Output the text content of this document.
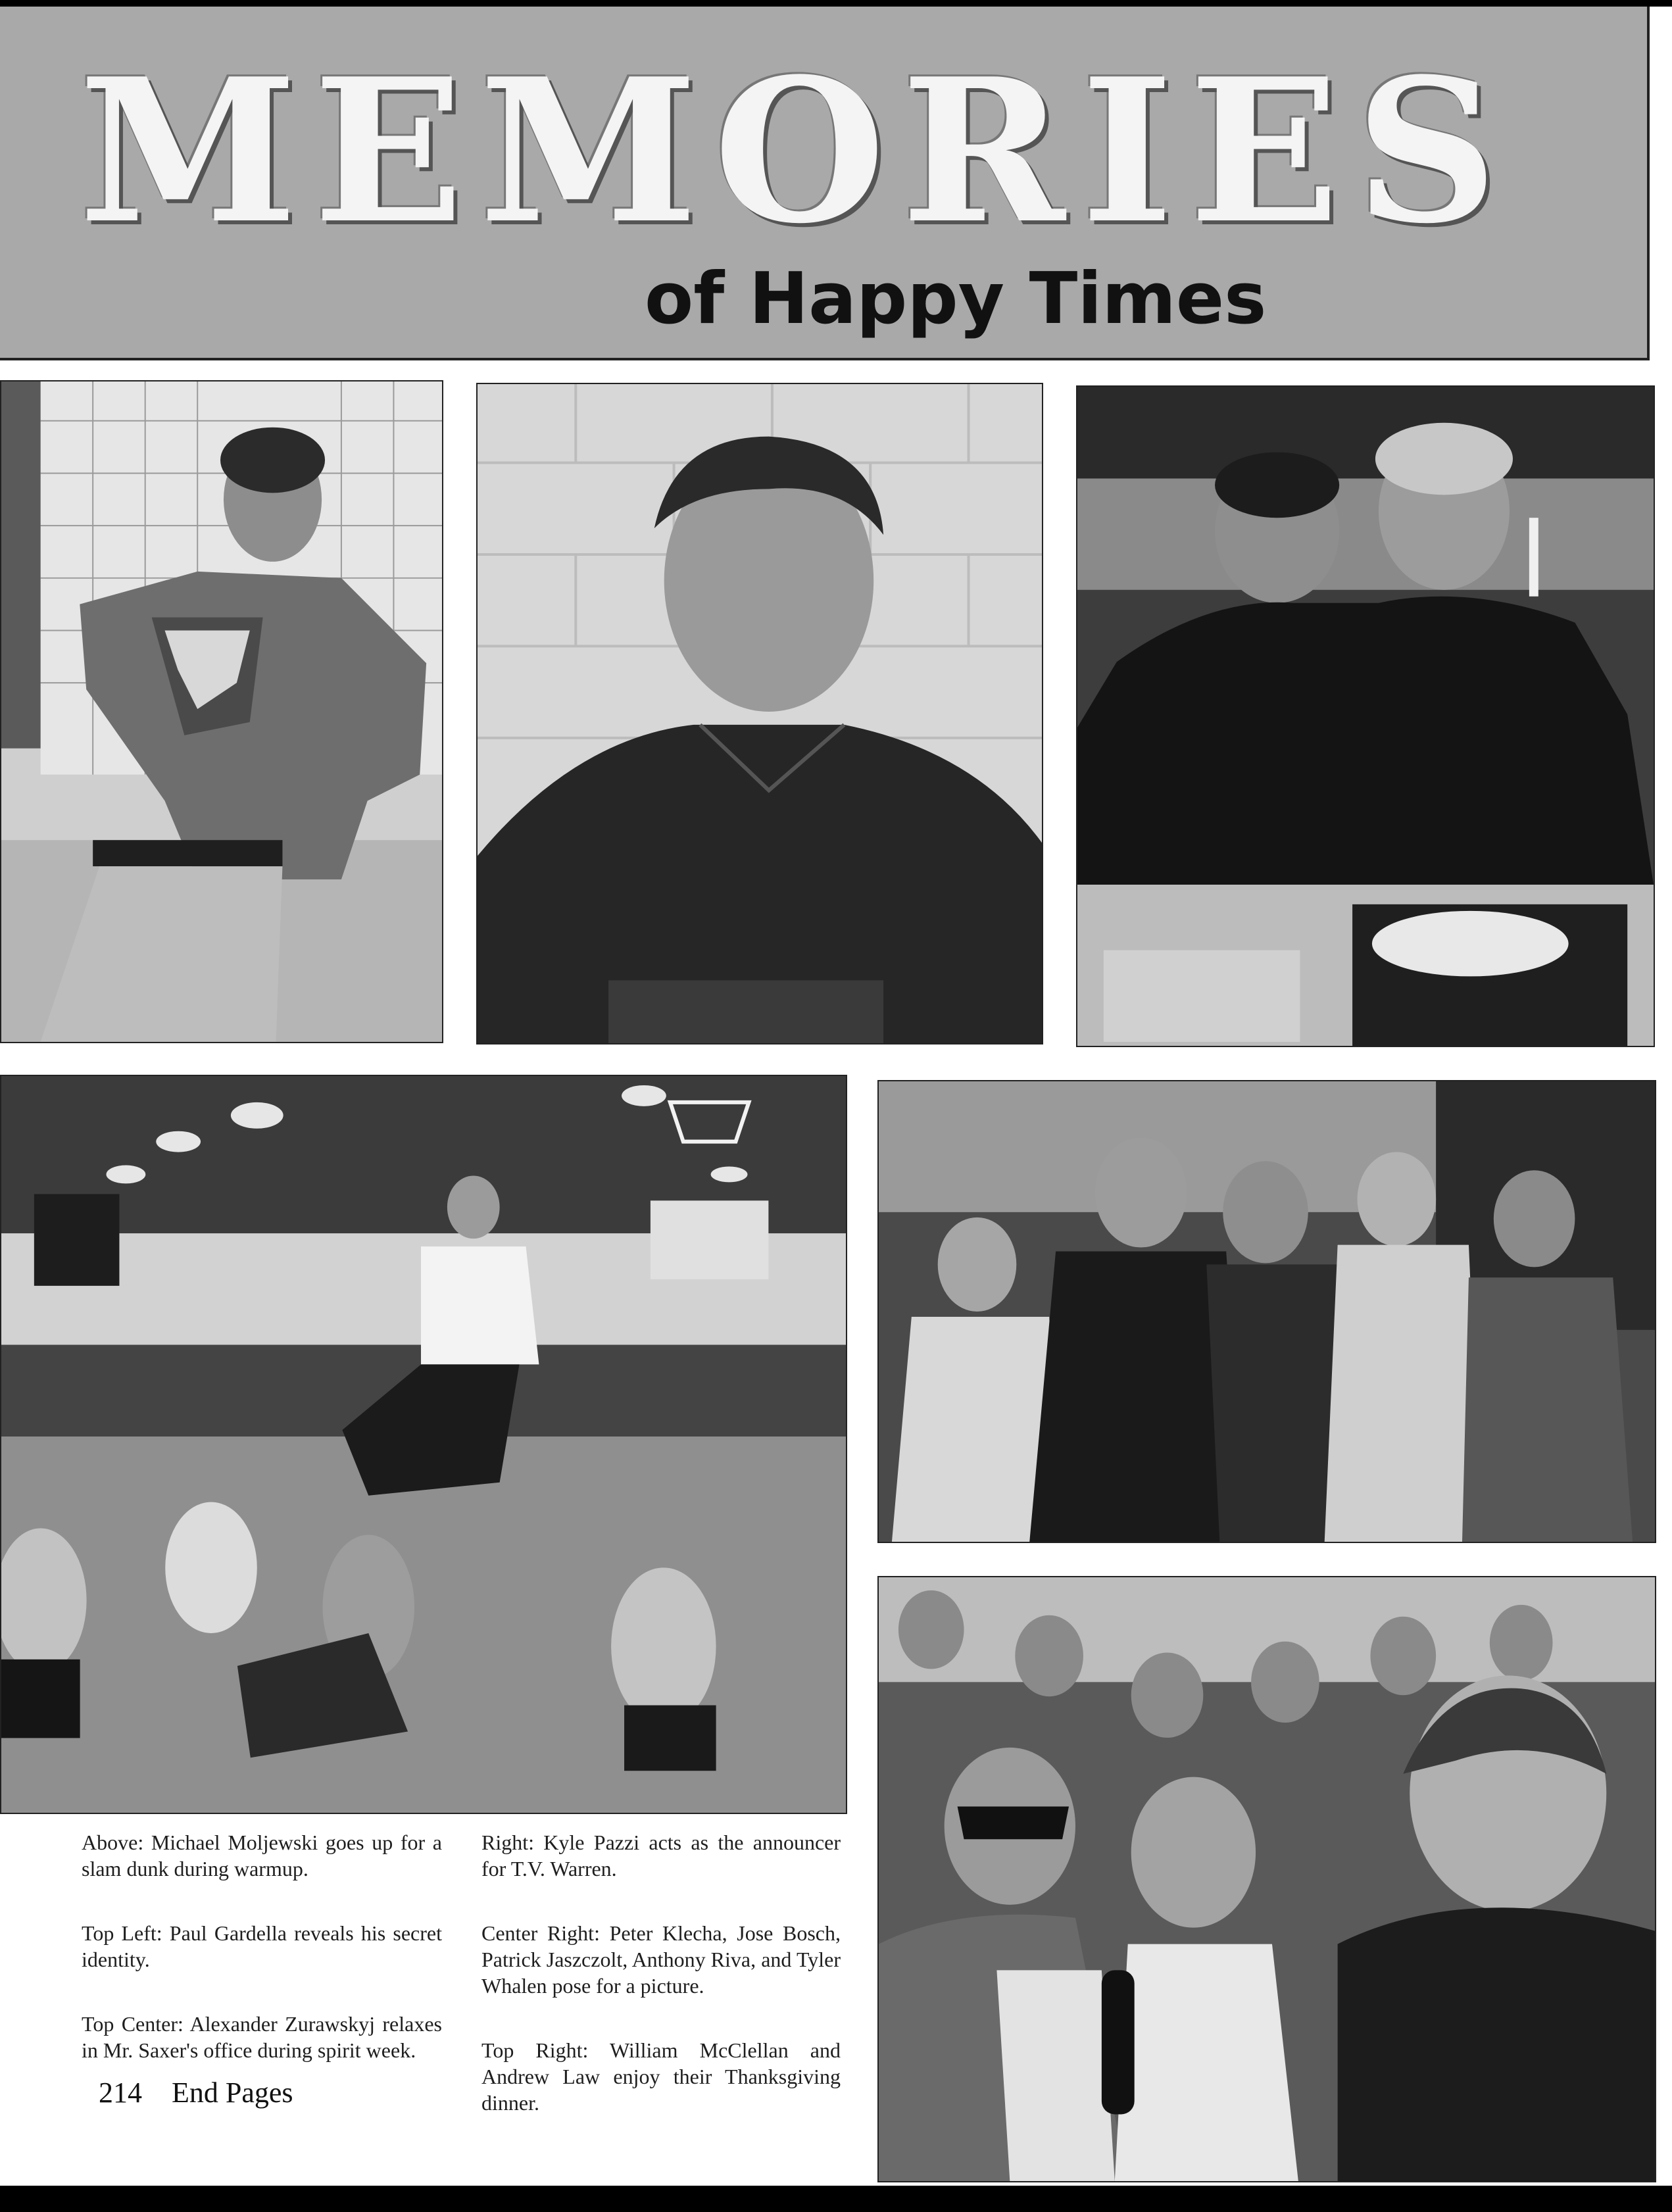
MEMORIES
of Happy Times

Above: Michael Moljewski goes up for a slam dunk during warmup.

Top Left: Paul Gardella reveals his secret identity.

Top Center: Alexander Zurawskyj relaxes in Mr. Saxer's office during spirit week.

Right: Kyle Pazzi acts as the announcer for T.V. Warren.

Center Right: Peter Klecha, Jose Bosch, Patrick Jaszczolt, Anthony Riva, and Tyler Whalen pose for a picture.

Top Right: William McClellan and Andrew Law enjoy their Thanksgiving dinner.

214 End Pages
